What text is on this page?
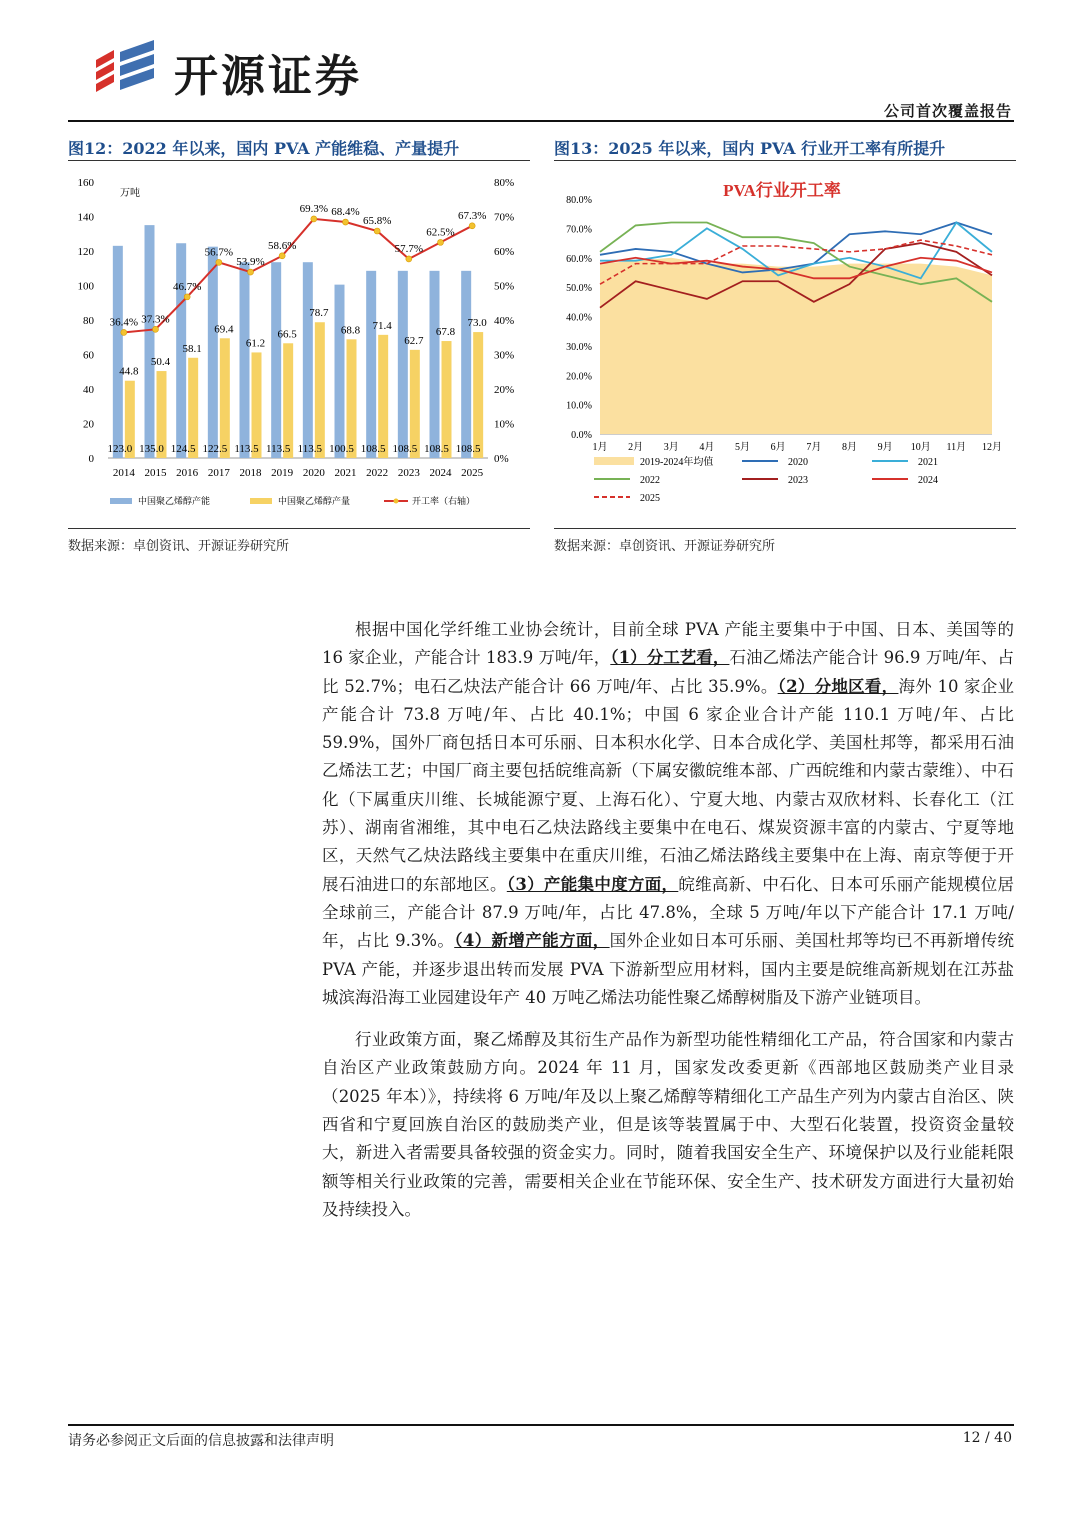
开源证券
公司首次覆盖报告
图12：2022 年以来，国内 PVA 产能维稳、产量提升	图13：2025 年以来，国内 PVA 行业开工率有所提升
万吨
0
20
40
60
80
100
120
140
160
0%
10%
20%
30%
40%
50%
60%
70%
80%
123.0
44.8
2014
135.0
50.4
2015
124.5
58.1
2016
122.5
69.4
2017
113.5
61.2
2018
113.5
66.5
2019
113.5
78.7
2020
100.5
68.8
2021
108.5
71.4
2022
108.5
62.7
2023
108.5
67.8
2024
108.5
73.0
2025
36.4% 37.3%
46.7%
56.7%
53.9%
58.6%
69.3% 68.4%
65.8%
57.7%
62.5%
67.3%
中国聚乙烯醇产能	中国聚乙烯醇产量	开工率（右轴）
PVA行业开工率
0.0%
10.0%
20.0%
30.0%
40.0%
50.0%
60.0%
70.0%
80.0%
1月 2月 3月 4月 5月 6月 7月 8月 9月 10月 11月 12月
2019-2024年均值	2020	2021
2022	2023	2024
2025
数据来源：卓创资讯、开源证券研究所	数据来源：卓创资讯、开源证券研究所

根据中国化学纤维工业协会统计，目前全球 PVA 产能主要集中于中国、日本、美国等的 16 家企业，产能合计 183.9 万吨/年，（1）分工艺看，石油乙烯法产能合计 96.9 万吨/年、占比 52.7%；电石乙炔法产能合计 66 万吨/年、占比 35.9%。（2）分地区看，海外 10 家企业产能合计 73.8 万吨/年、占比 40.1%；中国 6 家企业合计产能 110.1 万吨/年、占比 59.9%，国外厂商包括日本可乐丽、日本积水化学、日本合成化学、美国杜邦等，都采用石油乙烯法工艺；中国厂商主要包括皖维高新（下属安徽皖维本部、广西皖维和内蒙古蒙维）、中石化（下属重庆川维、长城能源宁夏、上海石化）、宁夏大地、内蒙古双欣材料、长春化工（江苏）、湖南省湘维，其中电石乙炔法路线主要集中在电石、煤炭资源丰富的内蒙古、宁夏等地区，天然气乙炔法路线主要集中在重庆川维，石油乙烯法路线主要集中在上海、南京等便于开展石油进口的东部地区。（3）产能集中度方面，皖维高新、中石化、日本可乐丽产能规模位居全球前三，产能合计 87.9 万吨/年，占比 47.8%，全球 5 万吨/年以下产能合计 17.1 万吨/年，占比 9.3%。（4）新增产能方面，国外企业如日本可乐丽、美国杜邦等均已不再新增传统 PVA 产能，并逐步退出转而发展 PVA 下游新型应用材料，国内主要是皖维高新规划在江苏盐城滨海沿海工业园建设年产 40 万吨乙烯法功能性聚乙烯醇树脂及下游产业链项目。

行业政策方面，聚乙烯醇及其衍生产品作为新型功能性精细化工产品，符合国家和内蒙古自治区产业政策鼓励方向。2024 年 11 月，国家发改委更新《西部地区鼓励类产业目录（2025 年本）》，持续将 6 万吨/年及以上聚乙烯醇等精细化工产品生产列为内蒙古自治区、陕西省和宁夏回族自治区的鼓励类产业，但是该等装置属于中、大型石化装置，投资资金量较大，新进入者需要具备较强的资金实力。同时，随着我国安全生产、环境保护以及行业能耗限额等相关行业政策的完善，需要相关企业在节能环保、安全生产、技术研发方面进行大量初始及持续投入。

请务必参阅正文后面的信息披露和法律声明	12 / 40
